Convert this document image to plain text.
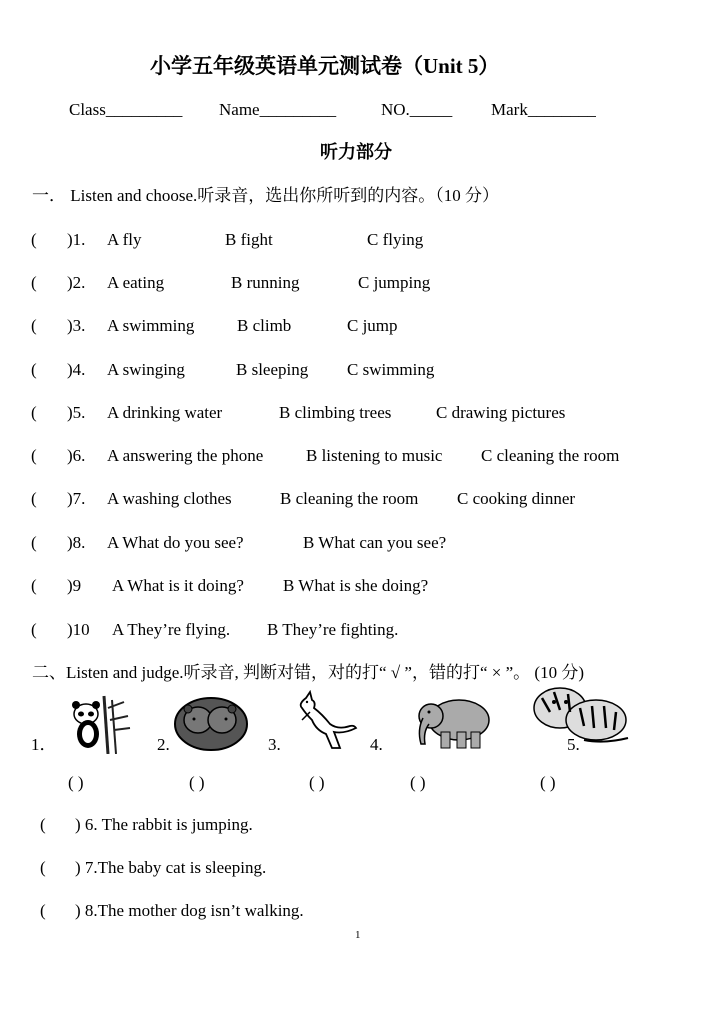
小学五年级英语单元测试卷（Unit 5）
Class_________ Name_________	NO._____ Mark________
听力部分
一． Listen and choose.听录音，选出你所听到的内容。（10 分）
( )1. A fly	B fight	C flying
( )2. A eating	B running	C jumping
( )3. A swimming	B climb	C jump
( )4. A swinging	B sleeping C swimming
( )5. A drinking water	B climbing trees	C drawing pictures
( )6. A answering the phone	B listening to music C cleaning the room
( )7. A washing clothes	B cleaning the room C cooking dinner
( )8. A What do you see?	B What can you see?
( )9 A What is it doing? B What is she doing?
( )10 A They’re flying. B They’re fighting.
二、Listen and judge.听录音, 判断对错，对的打“ √ ”，错的打“ × ”。 (10 分)
1．	2.	3.	4.	5.
( )	( )	( )	( )	( )
( ) 6. The rabbit is jumping.
( ) 7.The baby cat is sleeping.
( ) 8.The mother dog isn’t walking.
1
